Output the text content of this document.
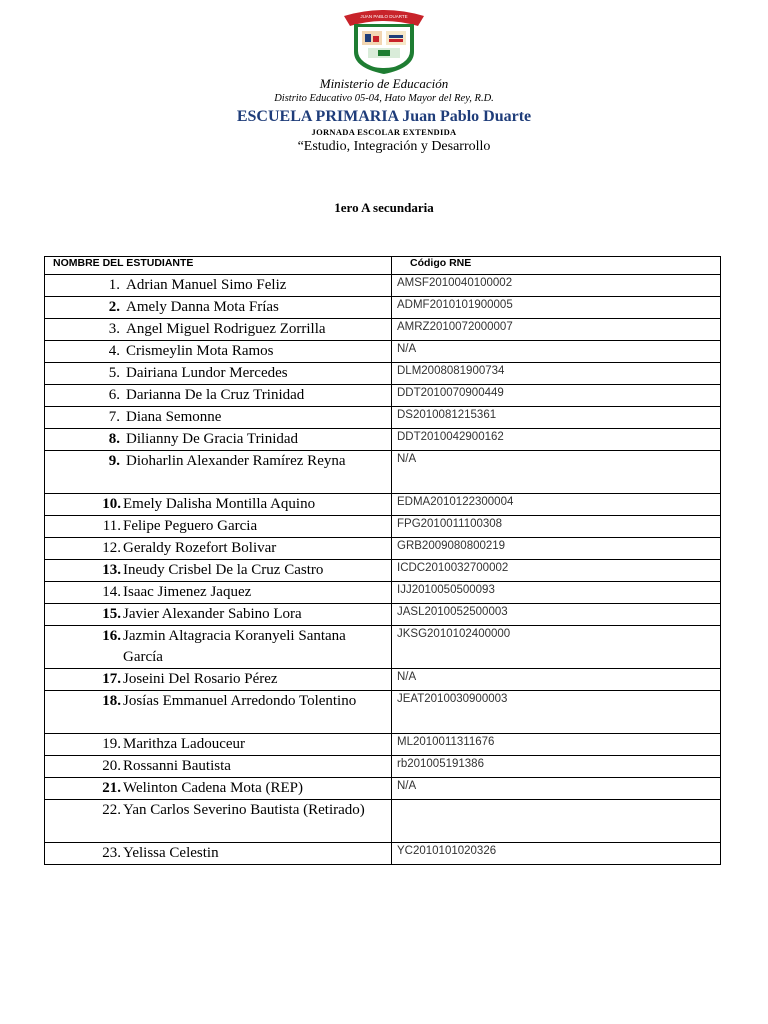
JUAN PABLO DUARTE
Ministerio de Educación
Distrito Educativo 05-04, Hato Mayor del Rey, R.D.
ESCUELA PRIMARIA Juan Pablo Duarte
JORNADA ESCOLAR EXTENDIDA
“Estudio, Integración y Desarrollo
1ero A secundaria
NOMBRE DEL ESTUDIANTE	Código RNE

1. Adrian Manuel Simo Feliz	AMSF2010040100002

2. Amely Danna Mota Frías	ADMF2010101900005

3. Angel Miguel Rodriguez Zorrilla	AMRZ2010072000007

4. Crismeylin Mota Ramos	N/A

5. Dairiana Lundor Mercedes	DLM2008081900734

6. Darianna De la Cruz Trinidad	DDT2010070900449

7. Diana Semonne	DS2010081215361

8. Dilianny De Gracia Trinidad	DDT2010042900162

9. Dioharlin Alexander Ramírez Reyna	N/A

10. Emely Dalisha Montilla Aquino	EDMA2010122300004

11. Felipe Peguero Garcia	FPG2010011100308

12. Geraldy Rozefort Bolivar	GRB2009080800219

13. Ineudy Crisbel De la Cruz Castro	ICDC2010032700002

14. Isaac Jimenez Jaquez	IJJ2010050500093

15. Javier Alexander Sabino Lora	JASL2010052500003

16. Jazmin Altagracia Koranyeli Santana García	JKSG2010102400000

17. Joseini Del Rosario Pérez	N/A

18. Josías Emmanuel Arredondo Tolentino	JEAT2010030900003

19. Marithza Ladouceur	ML2010011311676

20. Rossanni Bautista	rb201005191386

21. Welinton Cadena Mota (REP)	N/A

22. Yan Carlos Severino Bautista (Retirado)	

23. Yelissa Celestin	YC2010101020326
